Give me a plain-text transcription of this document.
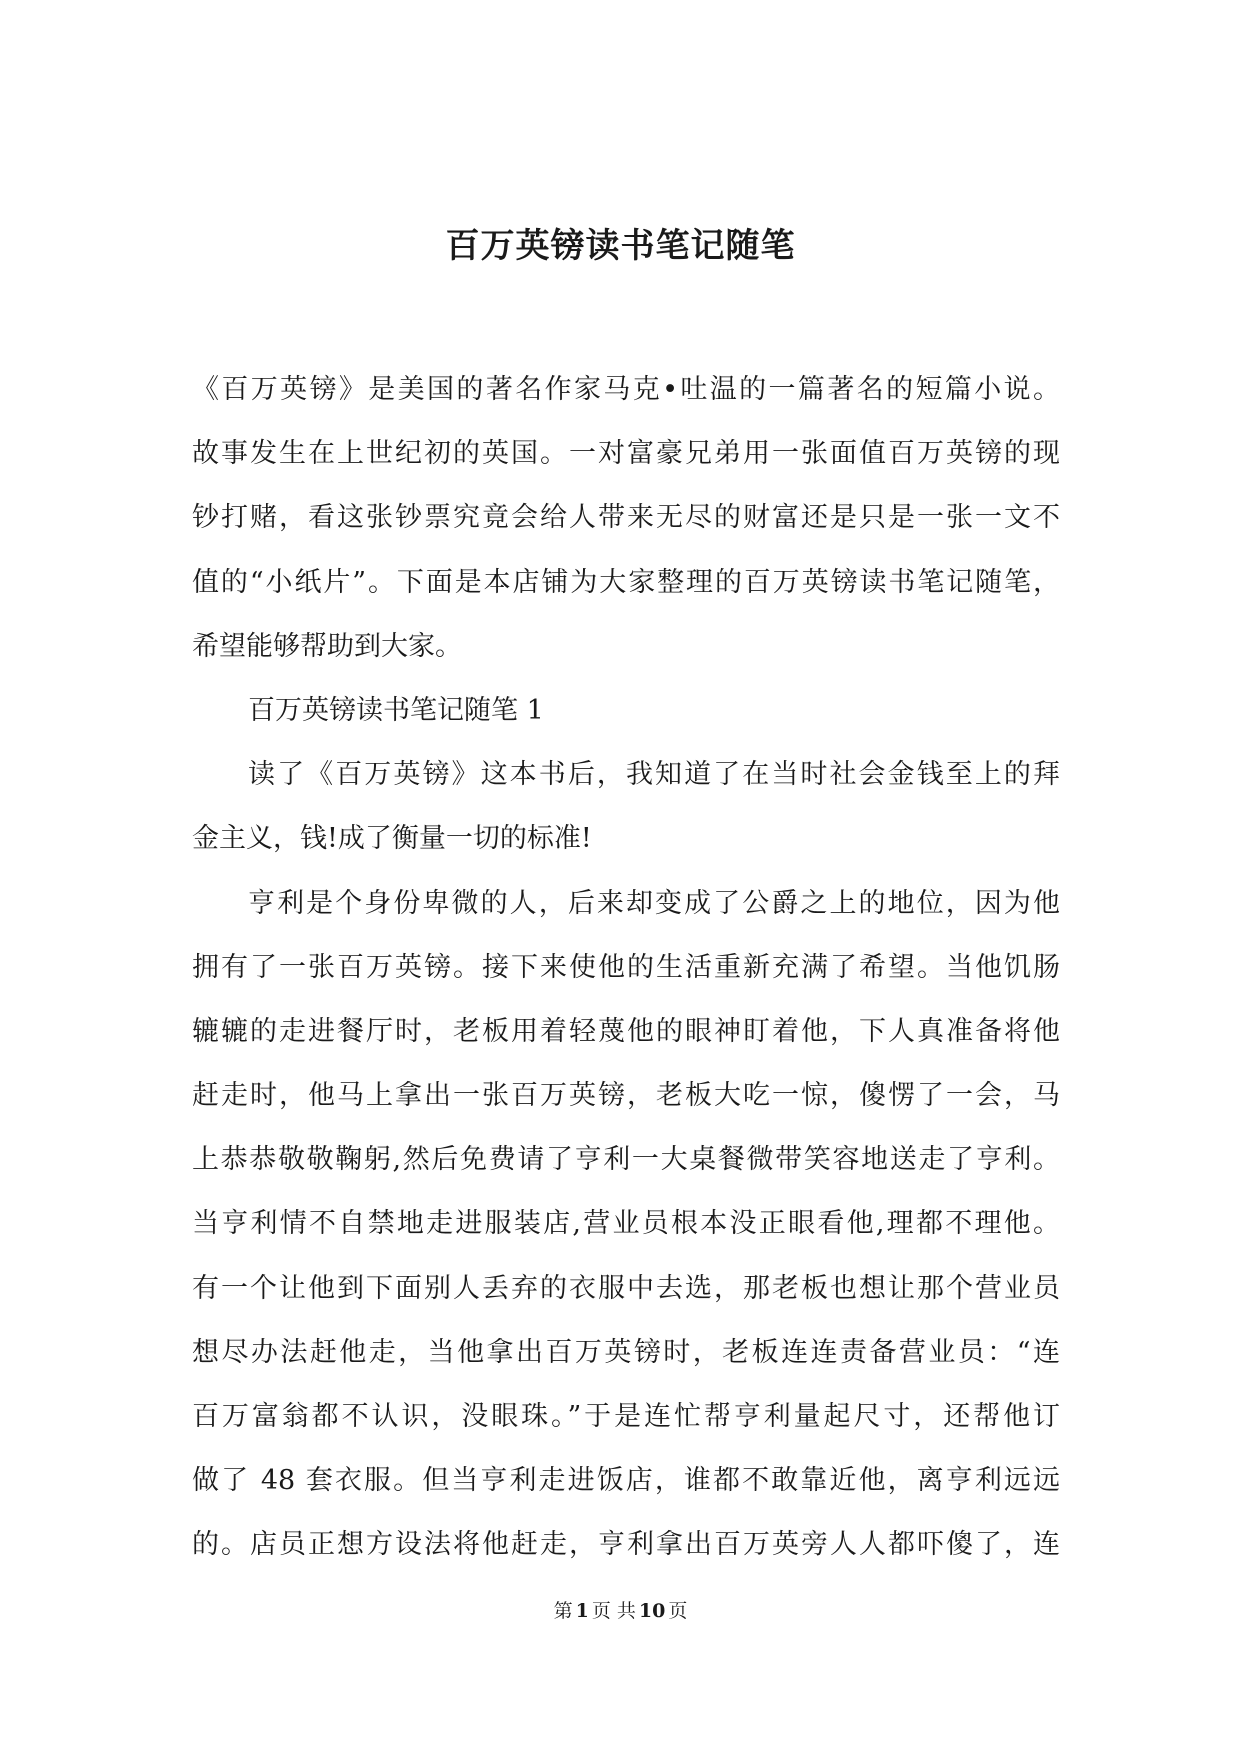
百万英镑读书笔记随笔
《百万英镑》是美国的著名作家马克•吐温的一篇著名的短篇小说。
故事发生在上世纪初的英国。一对富豪兄弟用一张面值百万英镑的现
钞打赌，看这张钞票究竟会给人带来无尽的财富还是只是一张一文不
值的“小纸片”。下面是本店铺为大家整理的百万英镑读书笔记随笔，
希望能够帮助到大家。
百万英镑读书笔记随笔 1
读了《百万英镑》这本书后，我知道了在当时社会金钱至上的拜
金主义，钱!成了衡量一切的标准!
亨利是个身份卑微的人，后来却变成了公爵之上的地位，因为他
拥有了一张百万英镑。接下来使他的生活重新充满了希望。当他饥肠
辘辘的走进餐厅时，老板用着轻蔑他的眼神盯着他，下人真准备将他
赶走时，他马上拿出一张百万英镑，老板大吃一惊，傻愣了一会，马
上恭恭敬敬鞠躬,然后免费请了亨利一大桌餐微带笑容地送走了亨利。
当亨利情不自禁地走进服装店,营业员根本没正眼看他,理都不理他。
有一个让他到下面别人丢弃的衣服中去选，那老板也想让那个营业员
想尽办法赶他走，当他拿出百万英镑时，老板连连责备营业员：“连
百万富翁都不认识，没眼珠。”于是连忙帮亨利量起尺寸，还帮他订
做了 48 套衣服。但当亨利走进饭店，谁都不敢靠近他，离亨利远远
的。店员正想方设法将他赶走，亨利拿出百万英旁人人都吓傻了，连
第 1 页 共 10 页
